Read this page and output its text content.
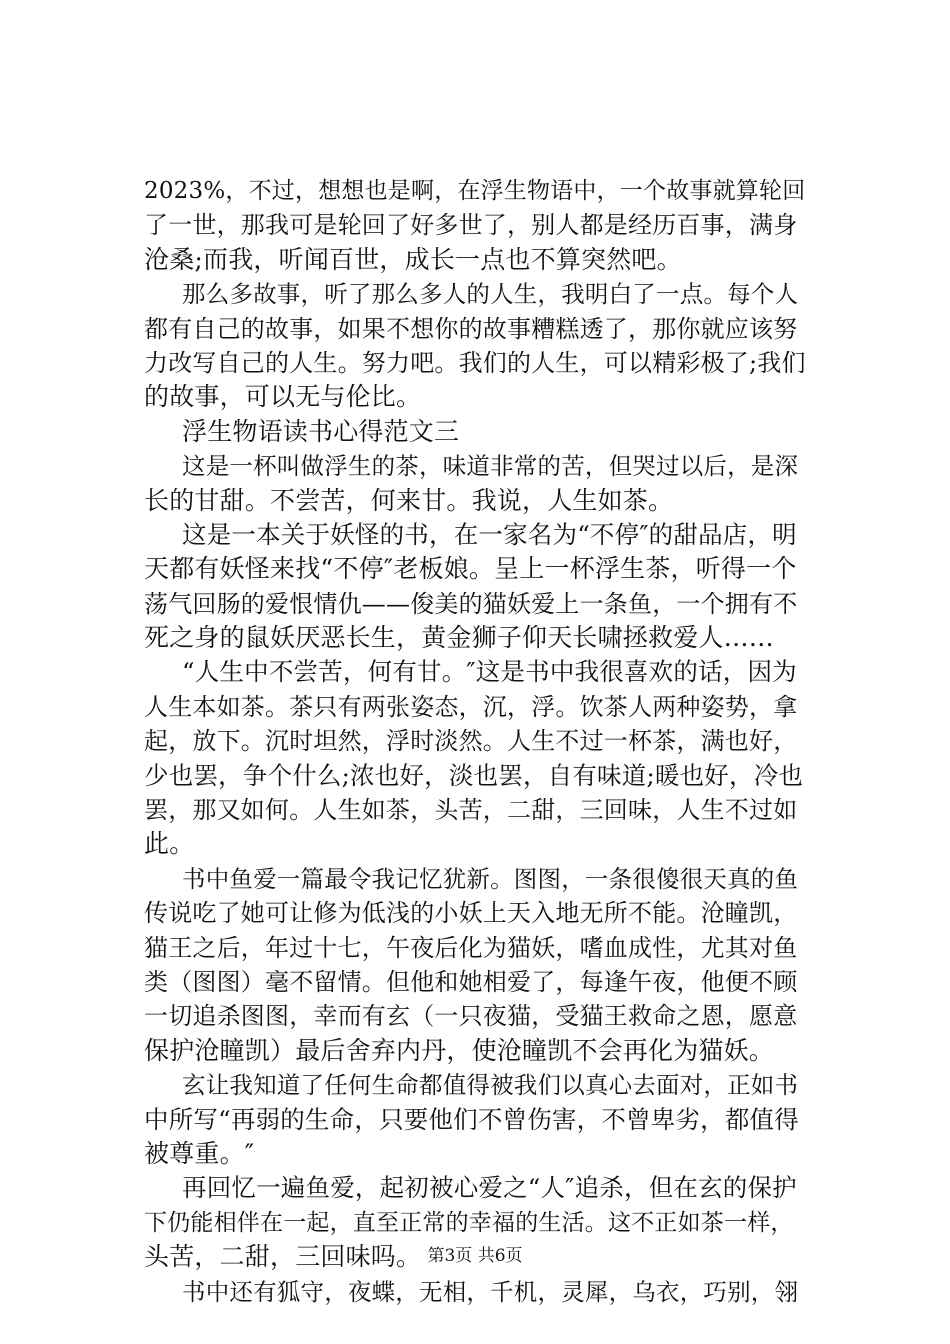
2023%，不过，想想也是啊，在浮生物语中，一个故事就算轮回
了一世，那我可是轮回了好多世了，别人都是经历百事，满身
沧桑;而我，听闻百世，成长一点也不算突然吧。
那么多故事，听了那么多人的人生，我明白了一点。每个人
都有自己的故事，如果不想你的故事糟糕透了，那你就应该努
力改写自己的人生。努力吧。我们的人生，可以精彩极了;我们
的故事，可以无与伦比。
浮生物语读书心得范文三
这是一杯叫做浮生的茶，味道非常的苦，但哭过以后，是深
长的甘甜。不尝苦，何来甘。我说，人生如茶。
这是一本关于妖怪的书，在一家名为“不停″的甜品店，明
天都有妖怪来找“不停″老板娘。呈上一杯浮生茶，听得一个
荡气回肠的爱恨情仇——俊美的猫妖爱上一条鱼，一个拥有不
死之身的鼠妖厌恶长生，黄金狮子仰天长啸拯救爱人……
“人生中不尝苦，何有甘。″这是书中我很喜欢的话，因为
人生本如茶。茶只有两张姿态，沉，浮。饮茶人两种姿势，拿
起，放下。沉时坦然，浮时淡然。人生不过一杯茶，满也好，
少也罢，争个什么;浓也好，淡也罢，自有味道;暖也好，冷也
罢，那又如何。人生如茶，头苦，二甜，三回味，人生不过如
此。
书中鱼爱一篇最令我记忆犹新。图图，一条很傻很天真的鱼
传说吃了她可让修为低浅的小妖上天入地无所不能。沧瞳凯，
猫王之后，年过十七，午夜后化为猫妖，嗜血成性，尤其对鱼
类（图图）毫不留情。但他和她相爱了，每逢午夜，他便不顾
一切追杀图图，幸而有玄（一只夜猫，受猫王救命之恩，愿意
保护沧瞳凯）最后舍弃内丹，使沧瞳凯不会再化为猫妖。
玄让我知道了任何生命都值得被我们以真心去面对，正如书
中所写“再弱的生命，只要他们不曾伤害，不曾卑劣，都值得
被尊重。″
再回忆一遍鱼爱，起初被心爱之“人″追杀，但在玄的保护
下仍能相伴在一起，直至正常的幸福的生活。这不正如茶一样，
头苦，二甜，三回味吗。
书中还有狐守，夜蝶，无相，千机，灵犀，乌衣，巧别，翎
第3页 共6页
